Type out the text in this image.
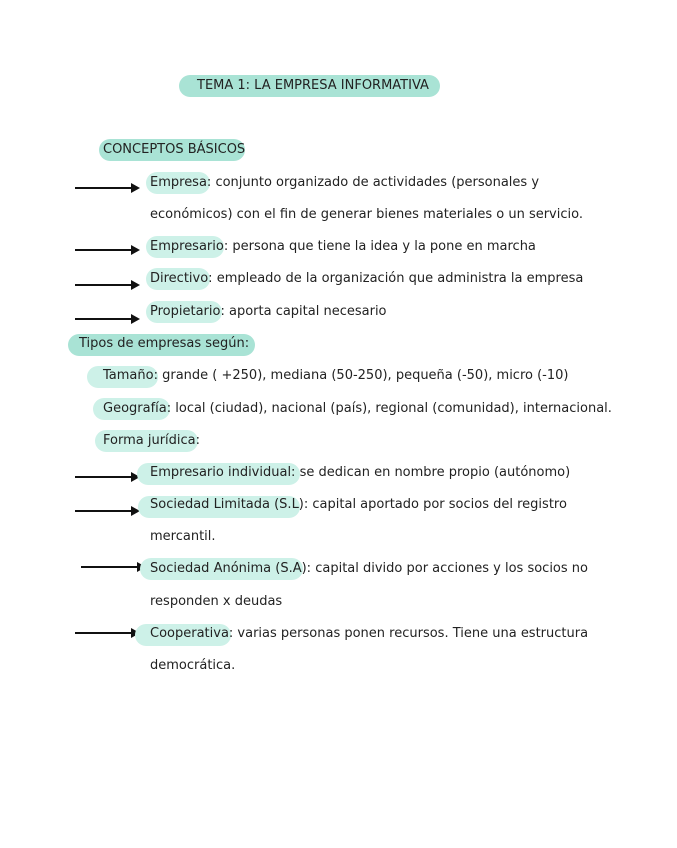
TEMA 1: LA EMPRESA INFORMATIVA
CONCEPTOS BÁSICOS
Empresa: conjunto organizado de actividades (personales y
económicos) con el fin de generar bienes materiales o un servicio.
Empresario: persona que tiene la idea y la pone en marcha
Directivo: empleado de la organización que administra la empresa
Propietario: aporta capital necesario
Tipos de empresas según:
Tamaño: grande ( +250), mediana (50-250), pequeña (-50), micro (-10)
Geografía: local (ciudad), nacional (país), regional (comunidad), internacional.
Forma jurídica:
Empresario individual: se dedican en nombre propio (autónomo)
Sociedad Limitada (S.L): capital aportado por socios del registro
mercantil.
Sociedad Anónima (S.A): capital divido por acciones y los socios no
responden x deudas
Cooperativa: varias personas ponen recursos. Tiene una estructura
democrática.
